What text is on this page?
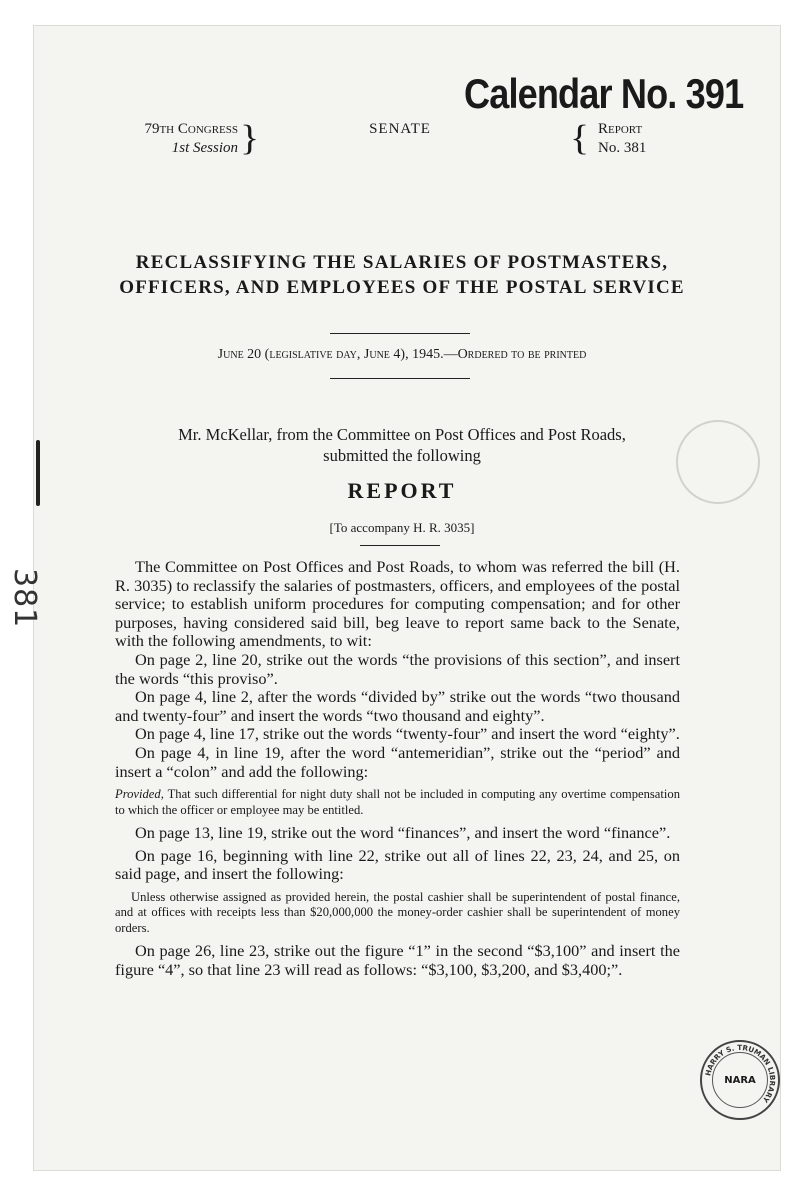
381
Calendar No. 391
79th Congress
1st Session }	SENATE	{ Report
No. 381
RECLASSIFYING THE SALARIES OF POSTMASTERS,
OFFICERS, AND EMPLOYEES OF THE POSTAL SERVICE
June 20 (legislative day, June 4), 1945.—Ordered to be printed
Mr. McKellar, from the Committee on Post Offices and Post Roads,
submitted the following
REPORT
[To accompany H. R. 3035]

The Committee on Post Offices and Post Roads, to whom was referred the bill (H. R. 3035) to reclassify the salaries of postmasters, officers, and employees of the postal service; to establish uniform procedures for computing compensation; and for other purposes, having considered said bill, beg leave to report same back to the Senate, with the following amendments, to wit:

On page 2, line 20, strike out the words “the provisions of this section”, and insert the words “this proviso”.

On page 4, line 2, after the words “divided by” strike out the words “two thousand and twenty-four” and insert the words “two thousand and eighty”.

On page 4, line 17, strike out the words “twenty-four” and insert the word “eighty”.

On page 4, in line 19, after the word “antemeridian”, strike out the “period” and insert a “colon” and add the following:

Provided, That such differential for night duty shall not be included in computing any overtime compensation to which the officer or employee may be entitled.

On page 13, line 19, strike out the word “finances”, and insert the word “finance”.

On page 16, beginning with line 22, strike out all of lines 22, 23, 24, and 25, on said page, and insert the following:

Unless otherwise assigned as provided herein, the postal cashier shall be superintendent of postal finance, and at offices with receipts less than $20,000,000 the money-order cashier shall be superintendent of money orders.

On page 26, line 23, strike out the figure “1” in the second “$3,100” and insert the figure “4”, so that line 23 will read as follows: “$3,100, $3,200, and $3,400;”.

HARRY S. TRUMAN LIBRARY
NARA
